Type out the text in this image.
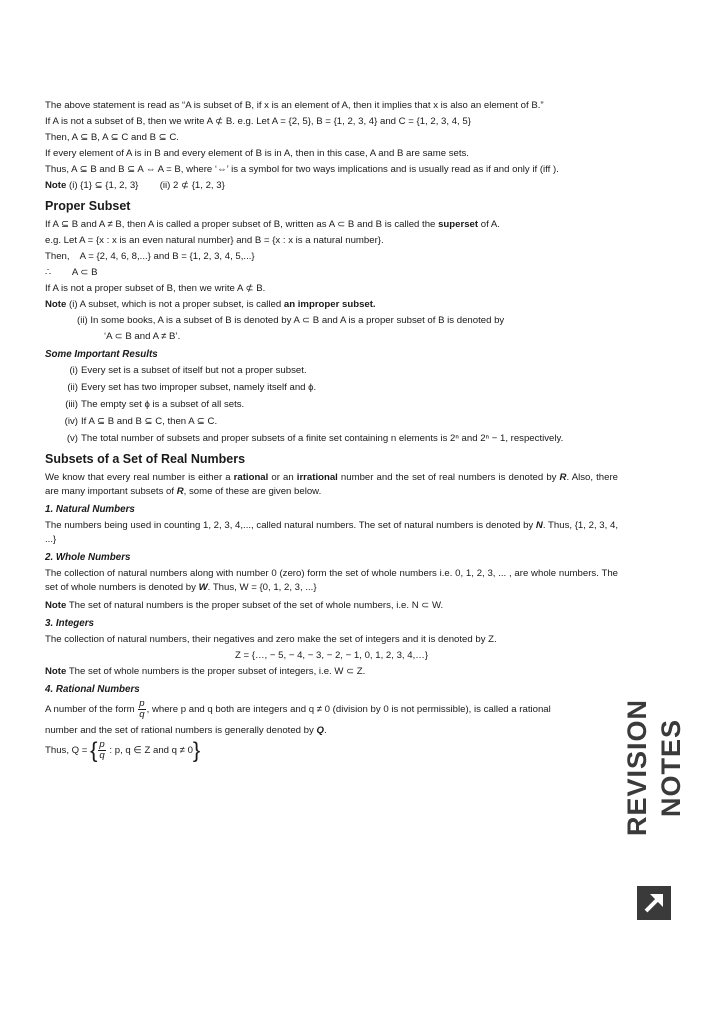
The above statement is read as “A is subset of B, if x is an element of A, then it implies that x is also an element of B.”

If A is not a subset of B, then we write A ⊄ B. e.g. Let A = {2, 5}, B = {1, 2, 3, 4} and C = {1, 2, 3, 4, 5}

Then, A ⊆ B, A ⊆ C and B ⊆ C.

If every element of A is in B and every element of B is in A, then in this case, A and B are same sets.

Thus, A ⊆ B and B ⊆ A ⇔ A = B, where ‘⇔’ is a symbol for two ways implications and is usually read as if and only if (iff ).

Note (i) {1} ⊆ {1, 2, 3}        (ii) 2 ⊄ {1, 2, 3}

Proper Subset

If A ⊆ B and A ≠ B, then A is called a proper subset of B, written as A ⊂ B and B is called the superset of A.

e.g. Let A = {x : x is an even natural number} and B = {x : x is a natural number}.

Then,    A = {2, 4, 6, 8,...} and B = {1, 2, 3, 4, 5,...}

∴        A ⊂ B

If A is not a proper subset of B, then we write A ⊄ B.

Note (i) A subset, which is not a proper subset, is called an improper subset.

(ii) In some books, A is a subset of B is denoted by A ⊂ B and A is a proper subset of B is denoted by

‘A ⊂ B and A ≠ B’.

Some Important Results
(i) Every set is a subset of itself but not a proper subset.
(ii) Every set has two improper subset, namely itself and ϕ.
(iii) The empty set ϕ is a subset of all sets.
(iv) If A ⊆ B and B ⊆ C, then A ⊆ C.
(v) The total number of subsets and proper subsets of a finite set containing n elements is 2ⁿ and 2ⁿ − 1, respectively.
Subsets of a Set of Real Numbers

We know that every real number is either a rational or an irrational number and the set of real numbers is denoted by R. Also, there are many important subsets of R, some of these are given below.

1. Natural Numbers

The numbers being used in counting 1, 2, 3, 4,..., called natural numbers. The set of natural numbers is denoted by N. Thus, {1, 2, 3, 4, ...}

2. Whole Numbers

The collection of natural numbers along with number 0 (zero) form the set of whole numbers i.e. 0, 1, 2, 3, ... , are whole numbers. The set of whole numbers is denoted by W. Thus, W = {0, 1, 2, 3, ...}

Note The set of natural numbers is the proper subset of the set of whole numbers, i.e. N ⊂ W.

3. Integers

The collection of natural numbers, their negatives and zero make the set of integers and it is denoted by Z.

Z = {…, − 5, − 4, − 3, − 2, − 1, 0, 1, 2, 3, 4,…}

Note The set of whole numbers is the proper subset of integers, i.e. W ⊂ Z.

4. Rational Numbers

A number of the form $\frac{p}{q}$ , where p and q both are integers and q ≠ 0 (division by 0 is not permissible), is called a rational

number and the set of rational numbers is generally denoted by Q.

Thus, Q = { $\frac{p}{q}$ : p, q ∈ Z and q ≠ 0}	REVISION NOTES
